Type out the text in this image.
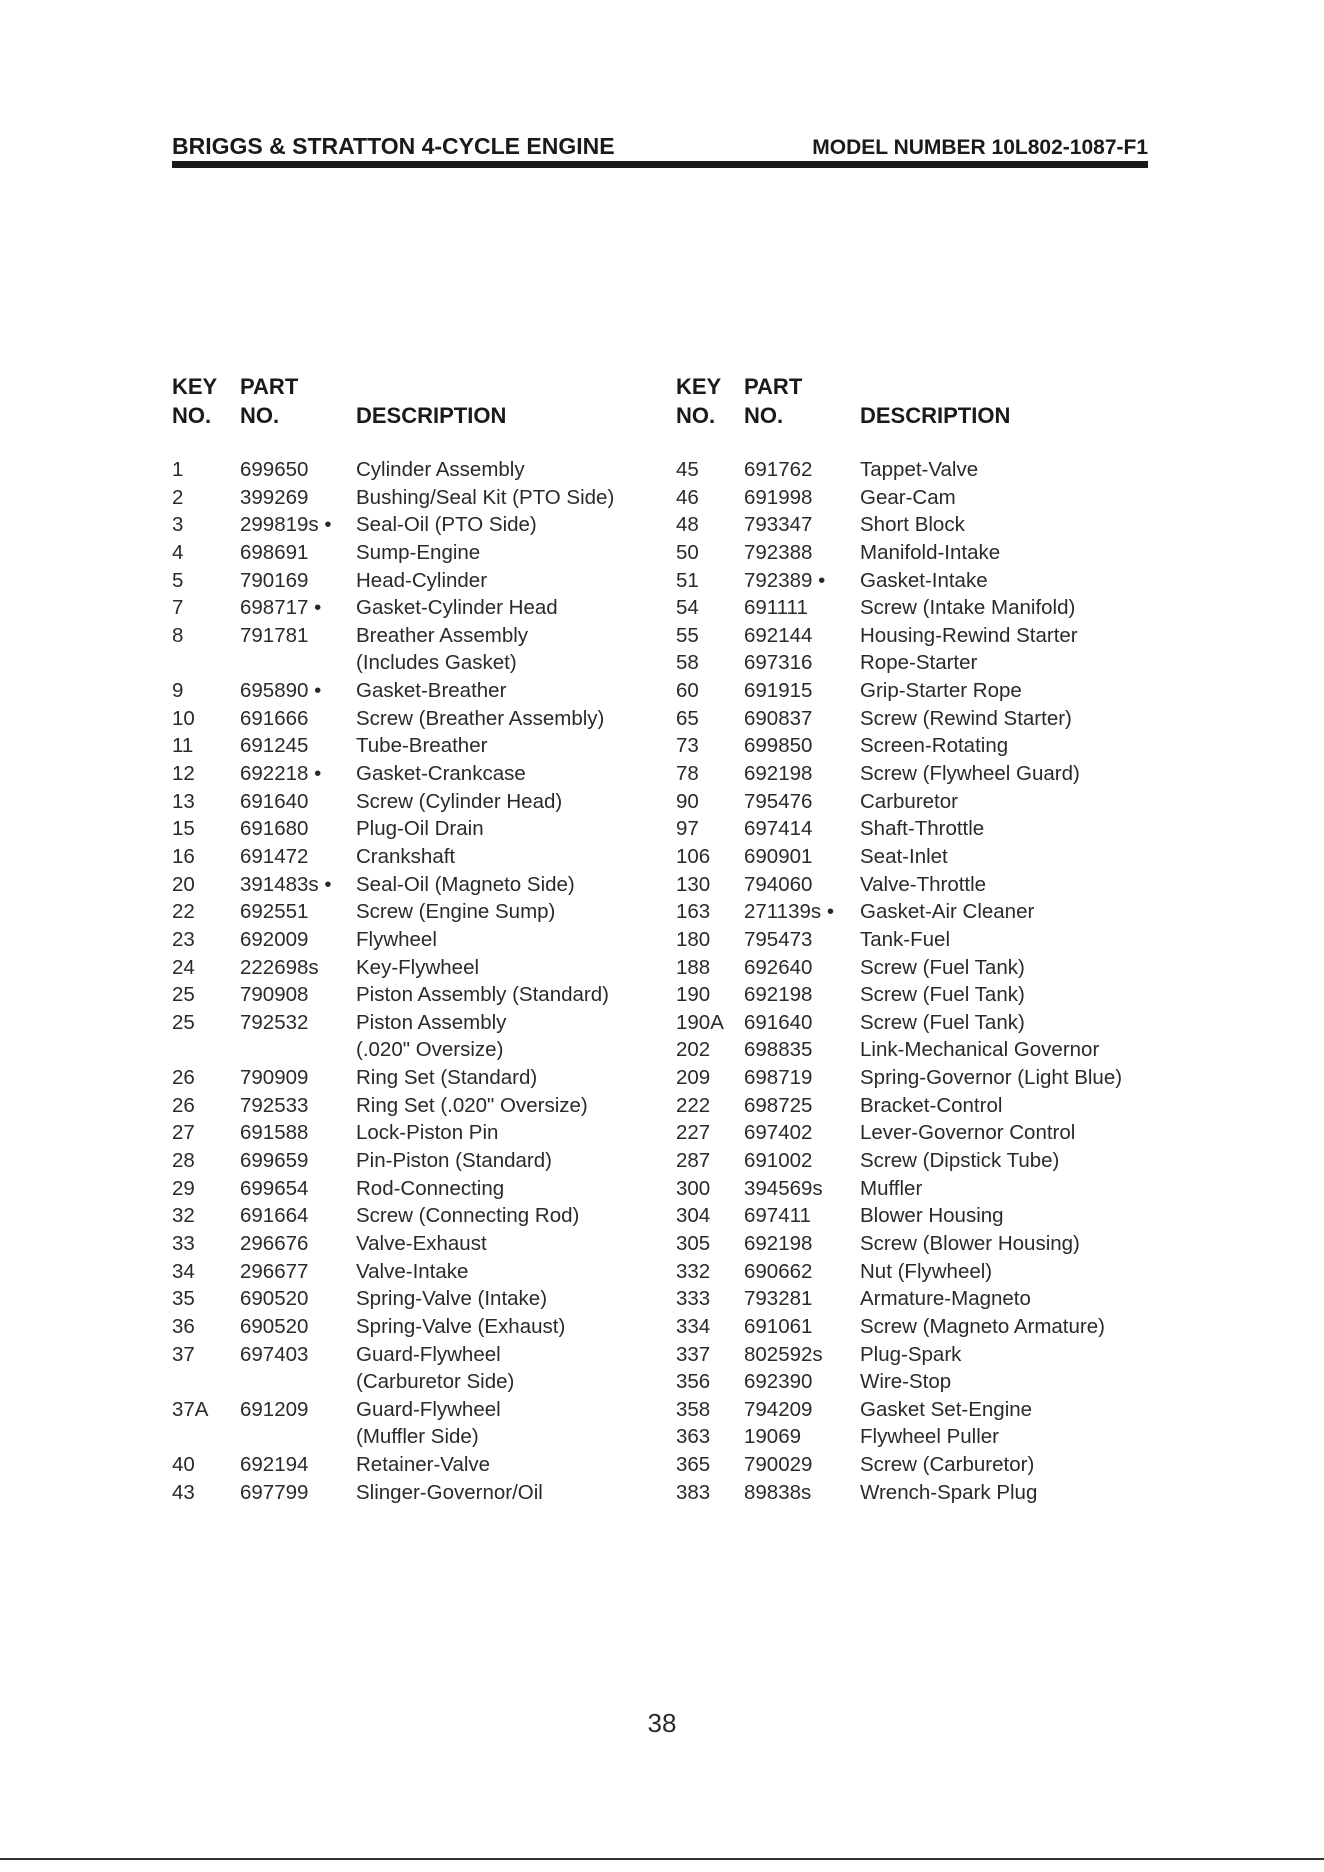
BRIGGS & STRATTON 4-CYCLE ENGINE	MODEL NUMBER 10L802-1087-F1
KEY
NO.
PART
NO.	DESCRIPTION
1	699650 Cylinder Assembly
2	399269 Bushing/Seal Kit (PTO Side)
3	299819s • Seal-Oil (PTO Side)
4	698691 Sump-Engine
5	790169 Head-Cylinder
7	698717 • Gasket-Cylinder Head
8	791781 Breather Assembly
(Includes Gasket)
9	695890 • Gasket-Breather
10 691666 Screw (Breather Assembly)
11 691245 Tube-Breather
12 692218 • Gasket-Crankcase
13 691640 Screw (Cylinder Head)
15 691680 Plug-Oil Drain
16 691472 Crankshaft
20 391483s • Seal-Oil (Magneto Side)
22 692551 Screw (Engine Sump)
23 692009 Flywheel
24 222698s Key-Flywheel
25 790908 Piston Assembly (Standard)
25 792532 Piston Assembly
(.020" Oversize)
26 790909 Ring Set (Standard)
26 792533 Ring Set (.020" Oversize)
27 691588 Lock-Piston Pin
28 699659 Pin-Piston (Standard)
29 699654 Rod-Connecting
32 691664 Screw (Connecting Rod)
33 296676 Valve-Exhaust
34 296677 Valve-Intake
35 690520 Spring-Valve (Intake)
36 690520 Spring-Valve (Exhaust)
37 697403 Guard-Flywheel
(Carburetor Side)
37A 691209 Guard-Flywheel
(Muffler Side)
40 692194 Retainer-Valve
43 697799 Slinger-Governor/Oil
KEY
NO.
PART
NO.	DESCRIPTION
45 691762 Tappet-Valve
46 691998 Gear-Cam
48 793347 Short Block
50 792388 Manifold-Intake
51 792389 • Gasket-Intake
54 691111	Screw (Intake Manifold)
55 692144 Housing-Rewind Starter
58 697316 Rope-Starter
60 691915 Grip-Starter Rope
65 690837 Screw (Rewind Starter)
73 699850 Screen-Rotating
78 692198 Screw (Flywheel Guard)
90 795476 Carburetor
97 697414 Shaft-Throttle
106 690901 Seat-Inlet
130 794060 Valve-Throttle
163 271139s • Gasket-Air Cleaner
180 795473 Tank-Fuel
188 692640 Screw (Fuel Tank)
190 692198 Screw (Fuel Tank)
190A 691640 Screw (Fuel Tank)
202 698835 Link-Mechanical Governor
209 698719 Spring-Governor (Light Blue)
222 698725 Bracket-Control
227 697402 Lever-Governor Control
287 691002 Screw (Dipstick Tube)
300 394569s Muffler
304 697411 Blower Housing
305 692198 Screw (Blower Housing)
332 690662 Nut (Flywheel)
333 793281 Armature-Magneto
334 691061 Screw (Magneto Armature)
337 802592s Plug-Spark
356 692390 Wire-Stop
358 794209 Gasket Set-Engine
363 19069	Flywheel Puller
365 790029 Screw (Carburetor)
383 89838s Wrench-Spark Plug
38
